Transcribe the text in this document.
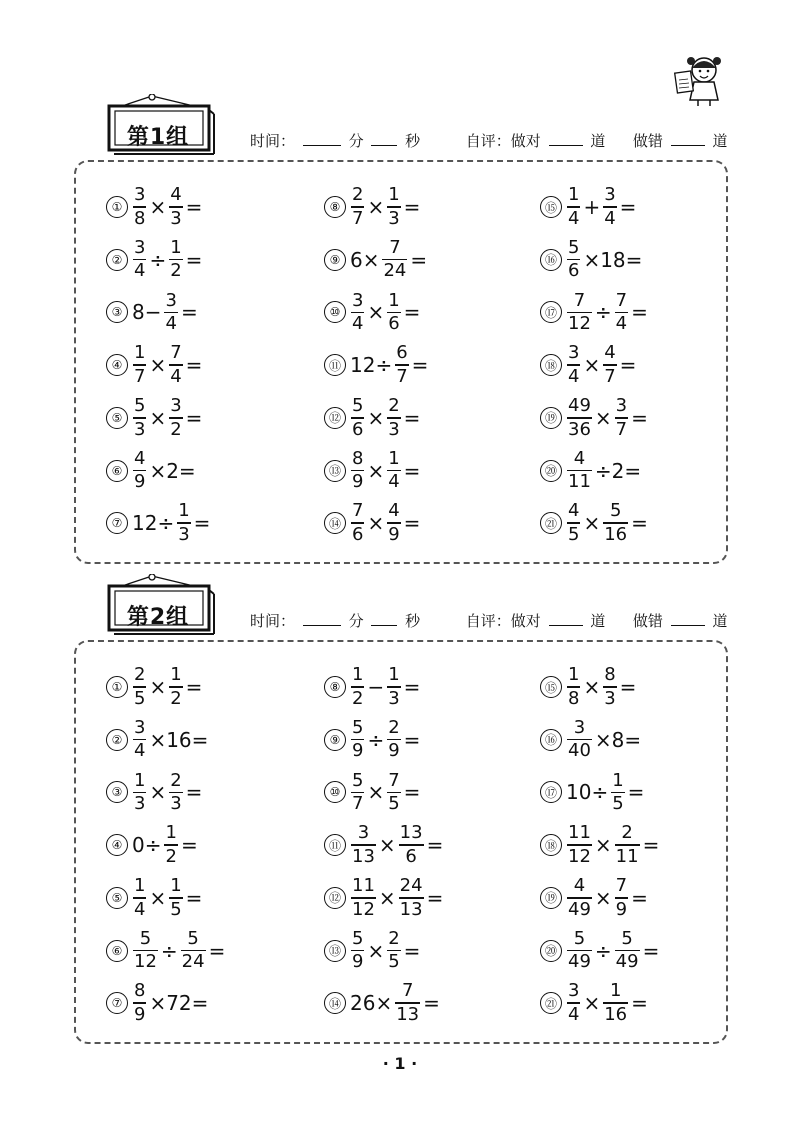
第1组	时间：	分	秒	自评：做对	道 做错	道
① $\frac{3}{8} \times \frac{4}{3}$ =
② $\frac{3}{4} \div \frac{1}{2}$ =
③ $8- \frac{3}{4}$ =
④ $\frac{1}{7} \times \frac{7}{4}$ =
⑤ $\frac{5}{3} \times \frac{3}{2}$ =
⑥ $\frac{4}{9} \times 2=$
⑦ $12\div \frac{1}{3}$ =
⑧ $\frac{2}{7} \times \frac{1}{3}$ =
⑨ $6\times \frac{7}{24}$ =
⑩ $\frac{3}{4} \times \frac{1}{6}$ =
⑪ $12\div \frac{6}{7}$ =
⑫ $\frac{5}{6} \times \frac{2}{3}$ =
⑬ $\frac{8}{9} \times \frac{1}{4}$ =
⑭ $\frac{7}{6} \times \frac{4}{9}$ =
⑮ $\frac{1}{4} + \frac{3}{4}$ =
⑯ $\frac{5}{6} \times 18=$
⑰ $\frac{7}{12} \div \frac{7}{4}$ =
⑱ $\frac{3}{4} \times \frac{4}{7}$ =
⑲ $\frac{49}{36} \times \frac{3}{7}$ =
⑳ $\frac{4}{11} \div 2=$
㉑ $\frac{4}{5} \times \frac{5}{16}$ =
第2组	时间：	分	秒	自评：做对	道 做错	道
① $\frac{2}{5} \times \frac{1}{2}$ =
② $\frac{3}{4} \times 16=$
③ $\frac{1}{3} \times \frac{2}{3}$ =
④ $0\div \frac{1}{2}$ =
⑤ $\frac{1}{4} \times \frac{1}{5}$ =
⑥ $\frac{5}{12} \div \frac{5}{24}$ =
⑦ $\frac{8}{9} \times 72=$
⑧ $\frac{1}{2} - \frac{1}{3}$ =
⑨ $\frac{5}{9} \div \frac{2}{9}$ =
⑩ $\frac{5}{7} \times \frac{7}{5}$ =
⑪ $\frac{3}{13} \times \frac{13}{6}$ =
⑫ $\frac{11}{12} \times \frac{24}{13}$ =
⑬ $\frac{5}{9} \times \frac{2}{5}$ =
⑭ $26\times \frac{7}{13}$ =
⑮ $\frac{1}{8} \times \frac{8}{3}$ =
⑯ $\frac{3}{40} \times 8=$
⑰ $10\div \frac{1}{5}$ =
⑱ $\frac{11}{12} \times \frac{2}{11}$ =
⑲ $\frac{4}{49} \times \frac{7}{9}$ =
⑳ $\frac{5}{49} \div \frac{5}{49}$ =
㉑ $\frac{3}{4} \times \frac{1}{16}$ =
· 1 ·
